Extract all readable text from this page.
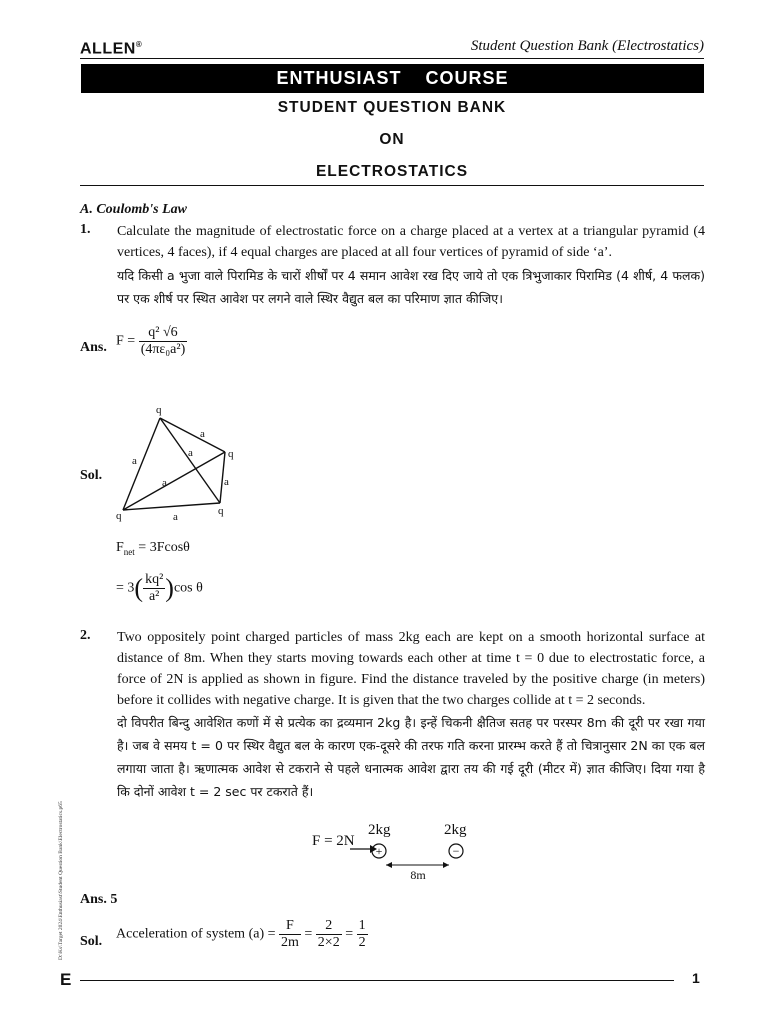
ALLEN®	Student Question Bank (Electrostatics)
ENTHUSIAST  COURSE
STUDENT QUESTION BANK
ON
ELECTROSTATICS
A. Coulomb's Law
1. Calculate the magnitude of electrostatic force on a charge placed at a vertex at a triangular pyramid (4 vertices, 4 faces), if 4 equal charges are placed at all four vertices of pyramid of side ‘a’.
यदि किसी a भुजा वाले पिरामिड के चारों शीर्षों पर 4 समान आवेश रख दिए जाये तो एक त्रिभुजाकार पिरामिड (4 शीर्ष, 4 फलक) पर एक शीर्ष पर स्थित आवेश पर लगने वाले स्थिर वैद्युत बल का परिमाण ज्ञात कीजिए।
Ans. $F = \frac{\text{q² √6}}{\text{(4πε₀a²)}}$
Sol.
q
q
q	q
a
a
a
a	a
a
$F_{net} = 3Fcos\theta$
= $3( \frac{\text{kq²}}{\text{a²}} )\cos$ θ
2. Two oppositely point charged particles of mass 2kg each are kept on a smooth horizontal surface at distance of 8m. When they starts moving towards each other at time t = 0 due to electrostatic force, a force of 2N is applied as shown in figure. Find the distance traveled by the positive charge (in meters) before it collides with negative charge. It is given that the two charges collide at t = 2 seconds.
दो विपरीत बिन्दु आवेशित कणों में से प्रत्येक का द्रव्यमान 2kg है। इन्हें चिकनी क्षैतिज सतह पर परस्पर 8m की दूरी पर रखा गया है। जब वे समय t = 0 पर स्थिर वैद्युत बल के कारण एक-दूसरे की तरफ गति करना प्रारम्भ करते हैं तो चित्रानुसार 2N का एक बल लगाया जाता है। ऋणात्मक आवेश से टकराने से पहले धनात्मक आवेश द्वारा तय की गई दूरी (मीटर में) ज्ञात कीजिए। दिया गया है कि दोनों आवेश t = 2 sec पर टकराते हैं।
F = 2N
2kg	2kg
+	−
8m
Ans. 5
Sol. Acceleration of system $(a) = \frac{F}{2m} = \frac{2}{2\times 2} = \frac{1}{2}$
D:\Ks\Target 2024\Enthusiast\Student Question Bank\Electrostatics.p65
E	1
